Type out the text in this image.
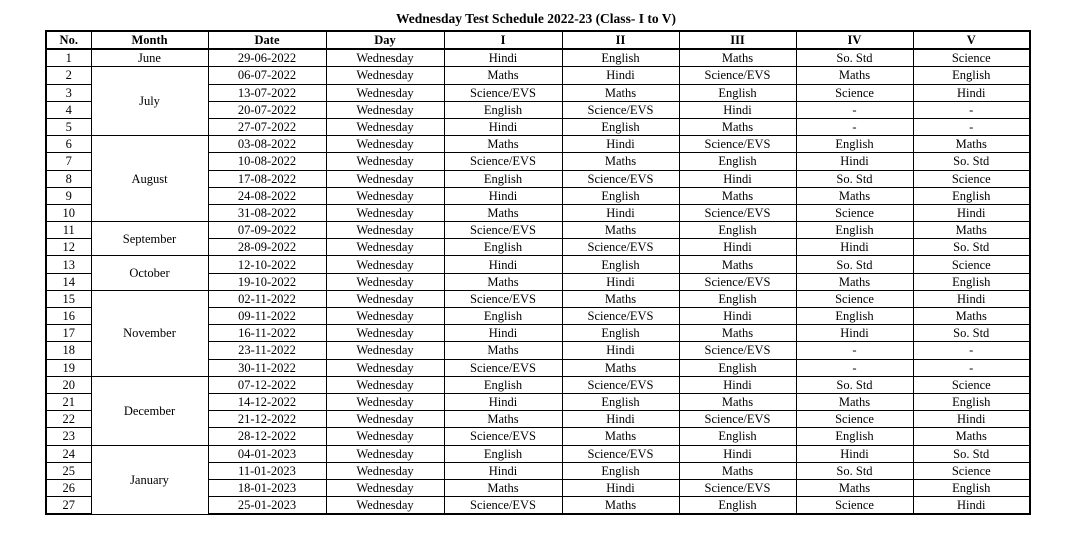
Wednesday Test Schedule 2022-23 (Class- I to V)
No.	Month	Date	Day	I	II	III	IV	V
1	June	29-06-2022	Wednesday	Hindi	English	Maths	So. Std	Science
2	July	06-07-2022	Wednesday	Maths	Hindi	Science/EVS	Maths	English
3		13-07-2022	Wednesday	Science/EVS	Maths	English	Science	Hindi
4		20-07-2022	Wednesday	English	Science/EVS	Hindi	-	-
5		27-07-2022	Wednesday	Hindi	English	Maths	-	-
6	August	03-08-2022	Wednesday	Maths	Hindi	Science/EVS	English	Maths
7		10-08-2022	Wednesday	Science/EVS	Maths	English	Hindi	So. Std
8		17-08-2022	Wednesday	English	Science/EVS	Hindi	So. Std	Science
9		24-08-2022	Wednesday	Hindi	English	Maths	Maths	English
10		31-08-2022	Wednesday	Maths	Hindi	Science/EVS	Science	Hindi
11	September	07-09-2022	Wednesday	Science/EVS	Maths	English	English	Maths
12		28-09-2022	Wednesday	English	Science/EVS	Hindi	Hindi	So. Std
13	October	12-10-2022	Wednesday	Hindi	English	Maths	So. Std	Science
14		19-10-2022	Wednesday	Maths	Hindi	Science/EVS	Maths	English
15	November	02-11-2022	Wednesday	Science/EVS	Maths	English	Science	Hindi
16		09-11-2022	Wednesday	English	Science/EVS	Hindi	English	Maths
17		16-11-2022	Wednesday	Hindi	English	Maths	Hindi	So. Std
18		23-11-2022	Wednesday	Maths	Hindi	Science/EVS	-	-
19		30-11-2022	Wednesday	Science/EVS	Maths	English	-	-
20	December	07-12-2022	Wednesday	English	Science/EVS	Hindi	So. Std	Science
21		14-12-2022	Wednesday	Hindi	English	Maths	Maths	English
22		21-12-2022	Wednesday	Maths	Hindi	Science/EVS	Science	Hindi
23		28-12-2022	Wednesday	Science/EVS	Maths	English	English	Maths
24	January	04-01-2023	Wednesday	English	Science/EVS	Hindi	Hindi	So. Std
25		11-01-2023	Wednesday	Hindi	English	Maths	So. Std	Science
26		18-01-2023	Wednesday	Maths	Hindi	Science/EVS	Maths	English
27		25-01-2023	Wednesday	Science/EVS	Maths	English	Science	Hindi
